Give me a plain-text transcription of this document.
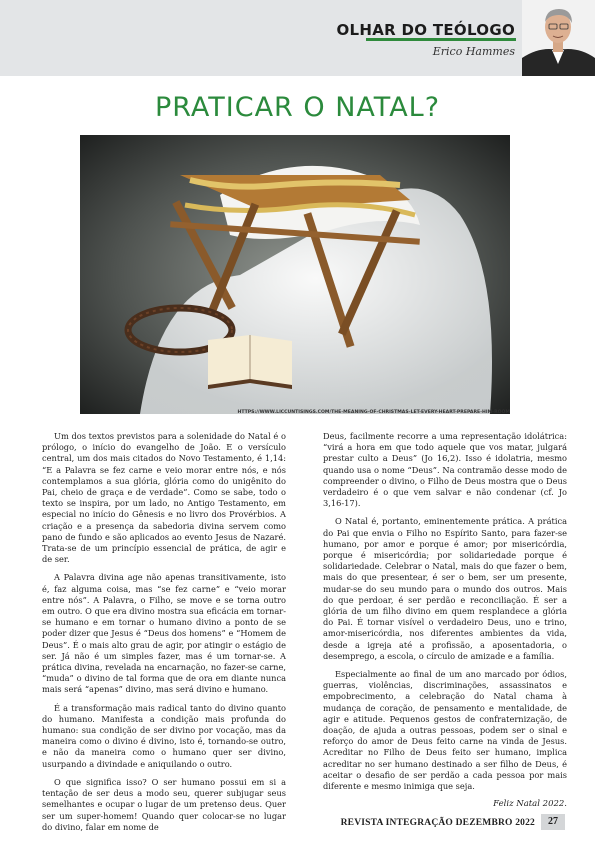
OLHAR DO TEÓLOGO
Erico Hammes
PRATICAR O NATAL?
HTTPS://WWW.LICCUNTISINGS.COM/THE-MEANING-OF-CHRISTMAS-LET-EVERY-HEART-PREPARE-HIM-ROOM

Um dos textos previstos para a solenidade do Natal é o prólogo, o início do evangelho de João. E o versículo central, um dos mais citados do Novo Testamento, é 1,14: “E a Palavra se fez carne e veio morar entre nós, e nós contemplamos a sua glória, glória como do unigênito do Pai, cheio de graça e de verdade”. Como se sabe, todo o texto se inspira, por um lado, no Antigo Testamento, em especial no início do Gênesis e no livro dos Provérbios. A criação e a presença da sabedoria divina servem como pano de fundo e são aplicados ao evento Jesus de Nazaré. Trata-se de um princípio essencial de prática, de agir e de ser.

A Palavra divina age não apenas transitivamente, isto é, faz alguma coisa, mas “se fez carne” e “veio morar entre nós”. A Palavra, o Filho, se move e se torna outro em outro. O que era divino mostra sua eficácia em tornar-se humano e em tornar o humano divino a ponto de se poder dizer que Jesus é “Deus dos homens” e “Homem de Deus”. É o mais alto grau de agir, por atingir o estágio de ser. Já não é um simples fazer, mas é um tornar-se. A prática divina, revelada na encarnação, no fazer-se carne, “muda” o divino de tal forma que de ora em diante nunca mais será “apenas” divino, mas será divino e humano.

É a transformação mais radical tanto do divino quanto do humano. Manifesta a condição mais profunda do humano: sua condição de ser divino por vocação, mas da maneira como o divino é divino, isto é, tornando-se outro, e não da maneira como o humano quer ser divino, usurpando a divindade e aniquilando o outro.

O que significa isso? O ser humano possui em si a tentação de ser deus a modo seu, querer subjugar seus semelhantes e ocupar o lugar de um pretenso deus. Quer ser um super-homem! Quando quer colocar-se no lugar do divino, falar em nome de

Deus, facilmente recorre a uma representação idolátrica: “virá a hora em que todo aquele que vos matar, julgará prestar culto a Deus” (Jo 16,2). Isso é idolatria, mesmo quando usa o nome “Deus”. Na contramão desse modo de compreender o divino, o Filho de Deus mostra que o Deus verdadeiro é o que vem salvar e não condenar (cf. Jo 3,16-17).

O Natal é, portanto, eminentemente prática. A prática do Pai que envia o Filho no Espírito Santo, para fazer-se humano, por amor e porque é amor; por misericórdia, porque é misericórdia; por solidariedade porque é solidariedade. Celebrar o Natal, mais do que fazer o bem, mais do que presentear, é ser o bem, ser um presente, mudar-se do seu mundo para o mundo dos outros. Mais do que perdoar, é ser perdão e reconciliação. É ser a glória de um filho divino em quem resplandece a glória do Pai. É tornar visível o verdadeiro Deus, uno e trino, amor-misericórdia, nos diferentes ambientes da vida, desde a igreja até a profissão, a aposentadoria, o desemprego, a escola, o círculo de amizade e a família.

Especialmente ao final de um ano marcado por ódios, guerras, violências, discriminações, assassinatos e empobrecimento, a celebração do Natal chama à mudança de coração, de pensamento e mentalidade, de agir e atitude. Pequenos gestos de confraternização, de doação, de ajuda a outras pessoas, podem ser o sinal e reforço do amor de Deus feito carne na vinda de Jesus. Acreditar no Filho de Deus feito ser humano, implica acreditar no ser humano destinado a ser filho de Deus, é aceitar o desafio de ser perdão a cada pessoa por mais diferente e mesmo inimiga que seja.

Feliz Natal 2022.
REVISTA INTEGRAÇÃO DEZEMBRO 2022	27
